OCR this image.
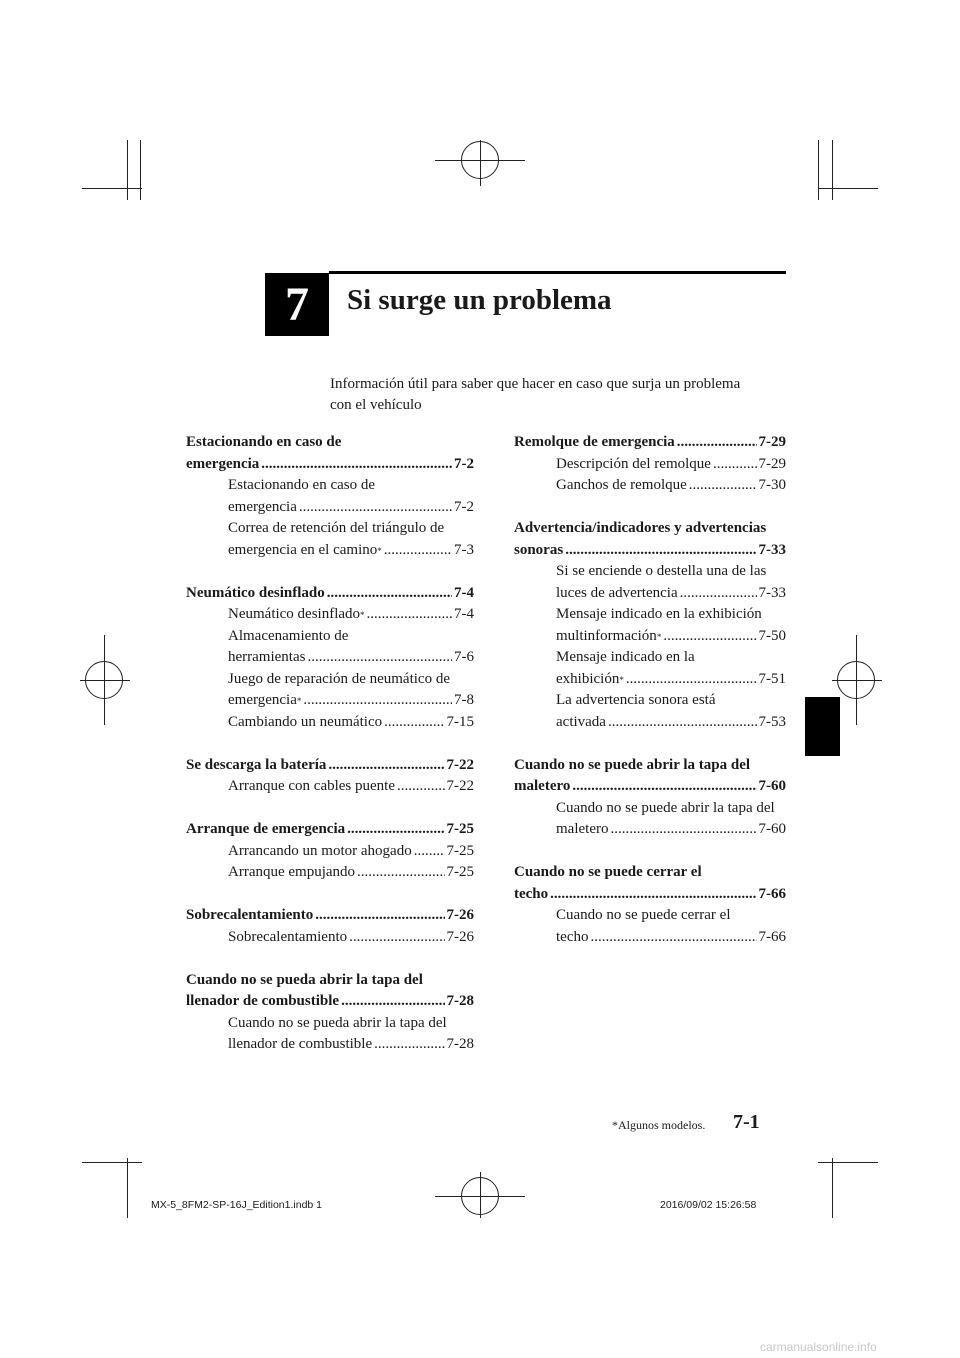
7 Si surge un problema
Información útil para saber que hacer en caso que surja un problema
con el vehículo
Estacionando en caso de
emergencia .....	7-2
Estacionando en caso de
emergencia .....	7-2
Correa de retención del triángulo de
emergencia en el camino * .....	7-3
Neumático desinflado .....	7-4
Neumático desinflado * .....	7-4
Almacenamiento de
herramientas .....	7-6
Juego de reparación de neumático de
emergencia * .....	7-8
Cambiando un neumático .....	7-15
Se descarga la batería .....	7-22
Arranque con cables puente .....	7-22
Arranque de emergencia .....	7-25
Arrancando un motor ahogado ..... 7-25
Arranque empujando .....	7-25
Sobrecalentamiento .....	7-26
Sobrecalentamiento .....	7-26
Cuando no se pueda abrir la tapa del
llenador de combustible .....	7-28
Cuando no se pueda abrir la tapa del
llenador de combustible .....	7-28
Remolque de emergencia .....	7-29
Descripción del remolque .....	7-29
Ganchos de remolque .....	7-30
Advertencia/indicadores y advertencias
sonoras .....	7-33
Si se enciende o destella una de las
luces de advertencia .....	7-33
Mensaje indicado en la exhibición
multinformación * .....	7-50
Mensaje indicado en la
exhibición * .....	7-51
La advertencia sonora está
activada .....	7-53
Cuando no se puede abrir la tapa del
maletero .....	7-60
Cuando no se puede abrir la tapa del
maletero .....	7-60
Cuando no se puede cerrar el
techo .....	7-66
Cuando no se puede cerrar el
techo .....	7-66
*Algunos modelos. 7-1
MX-5_8FM2-SP-16J_Edition1.indb 1	2016/09/02 15:26:58
carmanualsonline.info
